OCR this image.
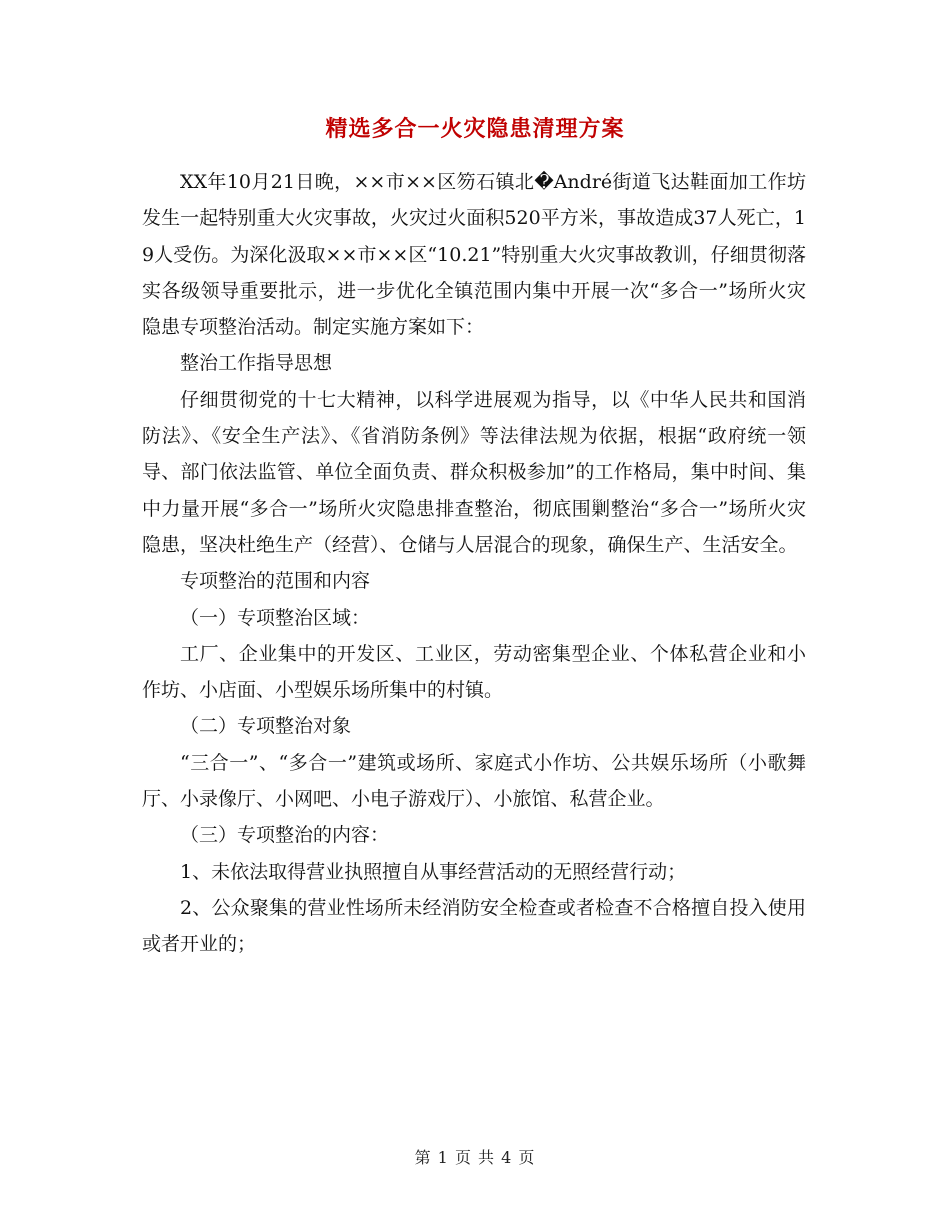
精选多合一火灾隐患清理方案

XX年10月21日晚，××市××区笏石镇北�André街道飞达鞋面加工作坊发生一起特别重大火灾事故，火灾过火面积520平方米，事故造成37人死亡，19人受伤。为深化汲取××市××区“10.21”特别重大火灾事故教训，仔细贯彻落实各级领导重要批示，进一步优化全镇范围内集中开展一次“多合一”场所火灾隐患专项整治活动。制定实施方案如下：

整治工作指导思想

仔细贯彻党的十七大精神，以科学进展观为指导，以《中华人民共和国消防法》、《安全生产法》、《省消防条例》等法律法规为依据，根据“政府统一领导、部门依法监管、单位全面负责、群众积极参加”的工作格局，集中时间、集中力量开展“多合一”场所火灾隐患排查整治，彻底围剿整治“多合一”场所火灾隐患，坚决杜绝生产（经营）、仓储与人居混合的现象，确保生产、生活安全。

专项整治的范围和内容

（一）专项整治区域：

工厂、企业集中的开发区、工业区，劳动密集型企业、个体私营企业和小作坊、小店面、小型娱乐场所集中的村镇。

（二）专项整治对象

“三合一”、“多合一”建筑或场所、家庭式小作坊、公共娱乐场所（小歌舞厅、小录像厅、小网吧、小电子游戏厅）、小旅馆、私营企业。

（三）专项整治的内容：

1、未依法取得营业执照擅自从事经营活动的无照经营行动；

2、公众聚集的营业性场所未经消防安全检查或者检查不合格擅自投入使用或者开业的；

第 1 页 共 4 页
